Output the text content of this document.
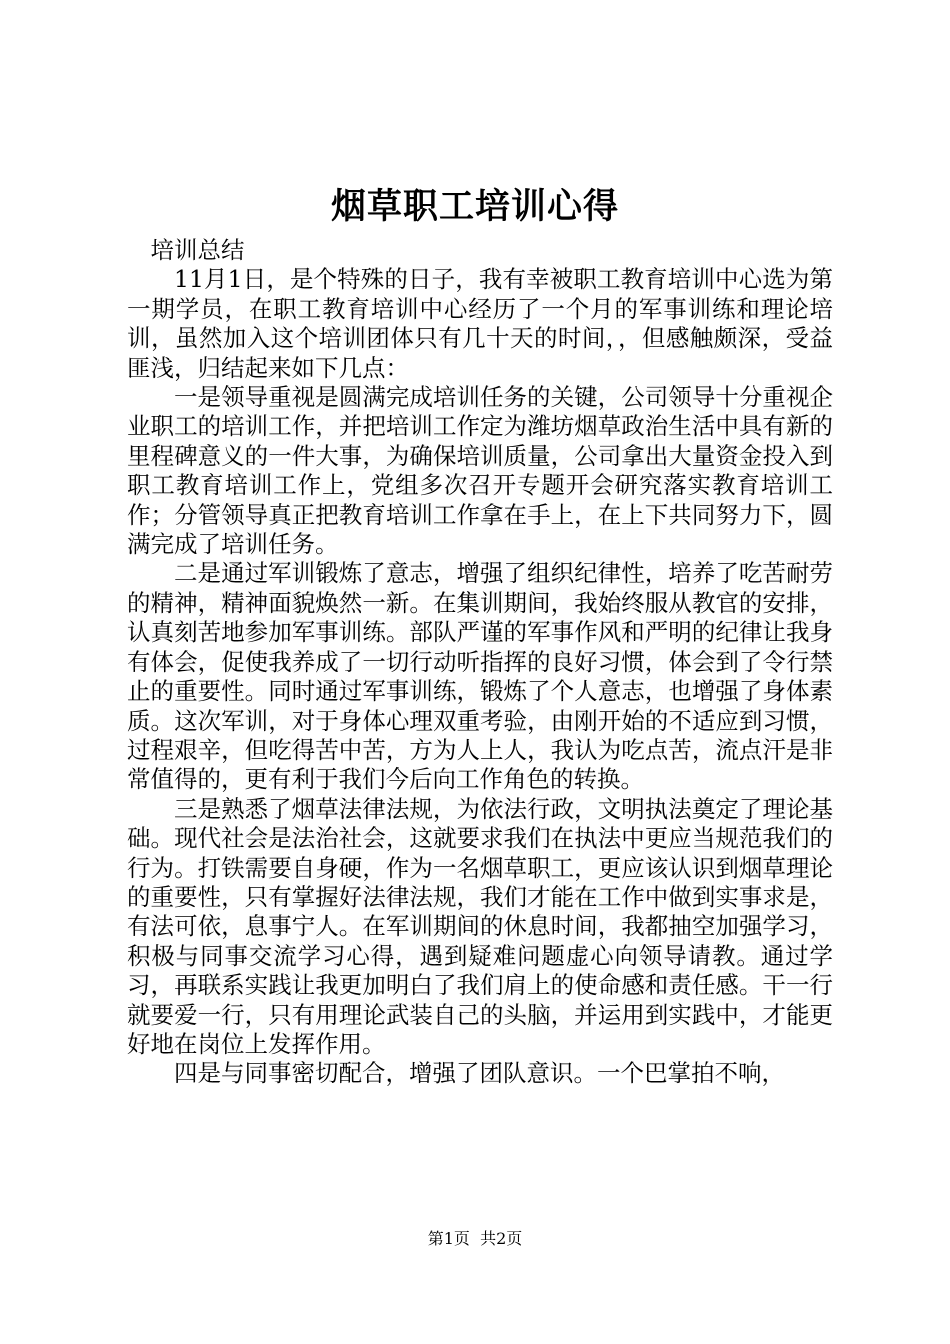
烟草职工培训心得

培训总结

11月1日，是个特殊的日子，我有幸被职工教育培训中心选为第一期学员，在职工教育培训中心经历了一个月的军事训练和理论培训，虽然加入这个培训团体只有几十天的时间，，但感触颇深，受益匪浅，归结起来如下几点：

一是领导重视是圆满完成培训任务的关键，公司领导十分重视企业职工的培训工作，并把培训工作定为潍坊烟草政治生活中具有新的里程碑意义的一件大事，为确保培训质量，公司拿出大量资金投入到职工教育培训工作上，党组多次召开专题开会研究落实教育培训工作；分管领导真正把教育培训工作拿在手上，在上下共同努力下，圆满完成了培训任务。

二是通过军训锻炼了意志，增强了组织纪律性，培养了吃苦耐劳的精神，精神面貌焕然一新。在集训期间，我始终服从教官的安排，认真刻苦地参加军事训练。部队严谨的军事作风和严明的纪律让我身有体会，促使我养成了一切行动听指挥的良好习惯，体会到了令行禁止的重要性。同时通过军事训练，锻炼了个人意志，也增强了身体素质。这次军训，对于身体心理双重考验，由刚开始的不适应到习惯，过程艰辛，但吃得苦中苦，方为人上人，我认为吃点苦，流点汗是非常值得的，更有利于我们今后向工作角色的转换。

三是熟悉了烟草法律法规，为依法行政，文明执法奠定了理论基础。现代社会是法治社会，这就要求我们在执法中更应当规范我们的行为。打铁需要自身硬，作为一名烟草职工，更应该认识到烟草理论的重要性，只有掌握好法律法规，我们才能在工作中做到实事求是，有法可依，息事宁人。在军训期间的休息时间，我都抽空加强学习，积极与同事交流学习心得，遇到疑难问题虚心向领导请教。通过学习，再联系实践让我更加明白了我们肩上的使命感和责任感。干一行就要爱一行，只有用理论武装自己的头脑，并运用到实践中，才能更好地在岗位上发挥作用。

四是与同事密切配合，增强了团队意识。一个巴掌拍不响，

第1页  共2页
